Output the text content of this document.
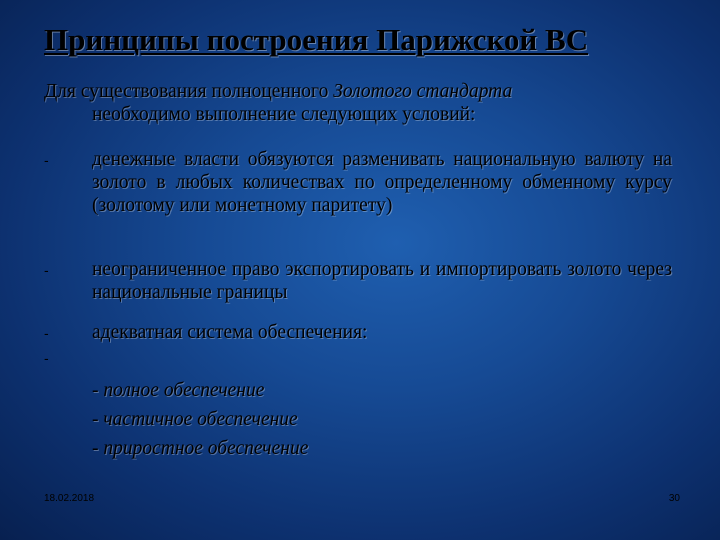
Принципы построения Парижской ВС
Для существования полноценного Золотого стандарта
необходимо выполнение следующих условий:
- денежные власти обязуются разменивать национальную валюту на золото в любых количествах по определенному обменному курсу (золотому или монетному паритету)
- неограниченное право экспортировать и импортировать золото через национальные границы
- адекватная система обеспечения:
-
- полное обеспечение
- частичное обеспечение
- приростное обеспечение
18.02.2018	30
